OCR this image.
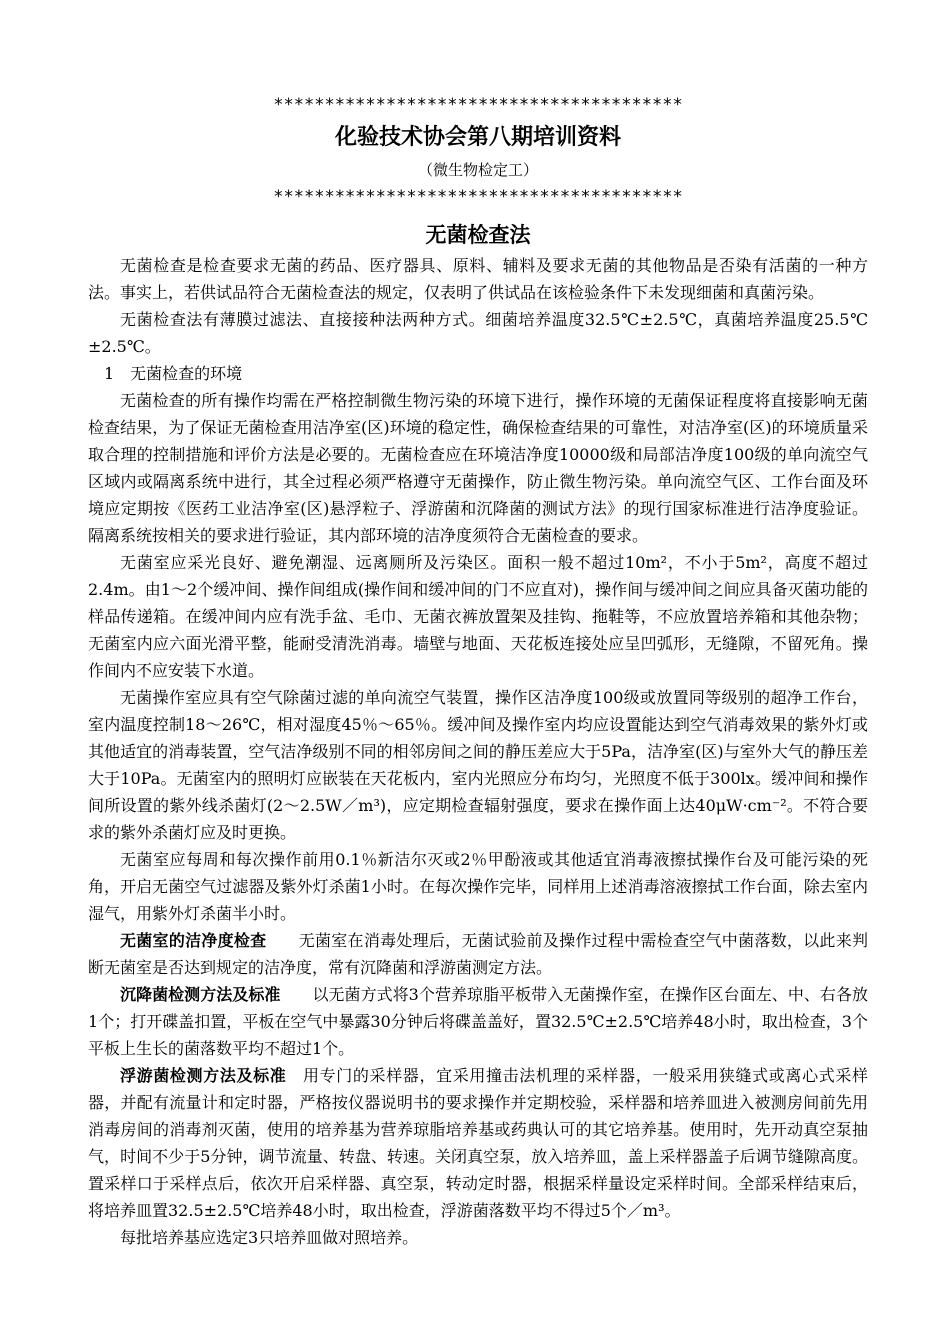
****************************************
化验技术协会第八期培训资料
（微生物检定工）
****************************************
无菌检查法

无菌检查是检查要求无菌的药品、医疗器具、原料、辅料及要求无菌的其他物品是否染有活菌的一种方法。事实上，若供试品符合无菌检查法的规定，仅表明了供试品在该检验条件下未发现细菌和真菌污染。

无菌检查法有薄膜过滤法、直接接种法两种方式。细菌培养温度32.5℃±2.5℃，真菌培养温度25.5℃±2.5℃。

1　无菌检查的环境

无菌检查的所有操作均需在严格控制微生物污染的环境下进行，操作环境的无菌保证程度将直接影响无菌检查结果，为了保证无菌检查用洁净室(区)环境的稳定性，确保检查结果的可靠性，对洁净室(区)的环境质量采取合理的控制措施和评价方法是必要的。无菌检查应在环境洁净度10000级和局部洁净度100级的单向流空气区域内或隔离系统中进行，其全过程必须严格遵守无菌操作，防止微生物污染。单向流空气区、工作台面及环境应定期按《医药工业洁净室(区)悬浮粒子、浮游菌和沉降菌的测试方法》的现行国家标准进行洁净度验证。隔离系统按相关的要求进行验证，其内部环境的洁净度须符合无菌检查的要求。

无菌室应采光良好、避免潮湿、远离厕所及污染区。面积一般不超过10m²，不小于5m²，高度不超过2.4m。由1～2个缓冲间、操作间组成(操作间和缓冲间的门不应直对)，操作间与缓冲间之间应具备灭菌功能的样品传递箱。在缓冲间内应有洗手盆、毛巾、无菌衣裤放置架及挂钩、拖鞋等，不应放置培养箱和其他杂物；无菌室内应六面光滑平整，能耐受清洗消毒。墙壁与地面、天花板连接处应呈凹弧形，无缝隙，不留死角。操作间内不应安装下水道。

无菌操作室应具有空气除菌过滤的单向流空气装置，操作区洁净度100级或放置同等级别的超净工作台，室内温度控制18～26℃，相对湿度45％～65％。缓冲间及操作室内均应设置能达到空气消毒效果的紫外灯或其他适宜的消毒装置，空气洁净级别不同的相邻房间之间的静压差应大于5Pa，洁净室(区)与室外大气的静压差大于10Pa。无菌室内的照明灯应嵌装在天花板内，室内光照应分布均匀，光照度不低于300lx。缓冲间和操作间所设置的紫外线杀菌灯(2～2.5W／m³)，应定期检查辐射强度，要求在操作面上达40μW·cm⁻²。不符合要求的紫外杀菌灯应及时更换。

无菌室应每周和每次操作前用0.1％新洁尔灭或2％甲酚液或其他适宜消毒液擦拭操作台及可能污染的死角，开启无菌空气过滤器及紫外灯杀菌1小时。在每次操作完毕，同样用上述消毒溶液擦拭工作台面，除去室内湿气，用紫外灯杀菌半小时。

无菌室的洁净度检查 无菌室在消毒处理后，无菌试验前及操作过程中需检查空气中菌落数，以此来判断无菌室是否达到规定的洁净度，常有沉降菌和浮游菌测定方法。

沉降菌检测方法及标准 以无菌方式将3个营养琼脂平板带入无菌操作室，在操作区台面左、中、右各放1个；打开碟盖扣置，平板在空气中暴露30分钟后将碟盖盖好，置32.5℃±2.5℃培养48小时，取出检查，3个平板上生长的菌落数平均不超过1个。

浮游菌检测方法及标准 用专门的采样器，宜采用撞击法机理的采样器，一般采用狭缝式或离心式采样器，并配有流量计和定时器，严格按仪器说明书的要求操作并定期校验，采样器和培养皿进入被测房间前先用消毒房间的消毒剂灭菌，使用的培养基为营养琼脂培养基或药典认可的其它培养基。使用时，先开动真空泵抽气，时间不少于5分钟，调节流量、转盘、转速。关闭真空泵，放入培养皿，盖上采样器盖子后调节缝隙高度。置采样口于采样点后，依次开启采样器、真空泵，转动定时器，根据采样量设定采样时间。全部采样结束后，将培养皿置32.5±2.5℃培养48小时，取出检查，浮游菌落数平均不得过5个／m³。

每批培养基应选定3只培养皿做对照培养。
